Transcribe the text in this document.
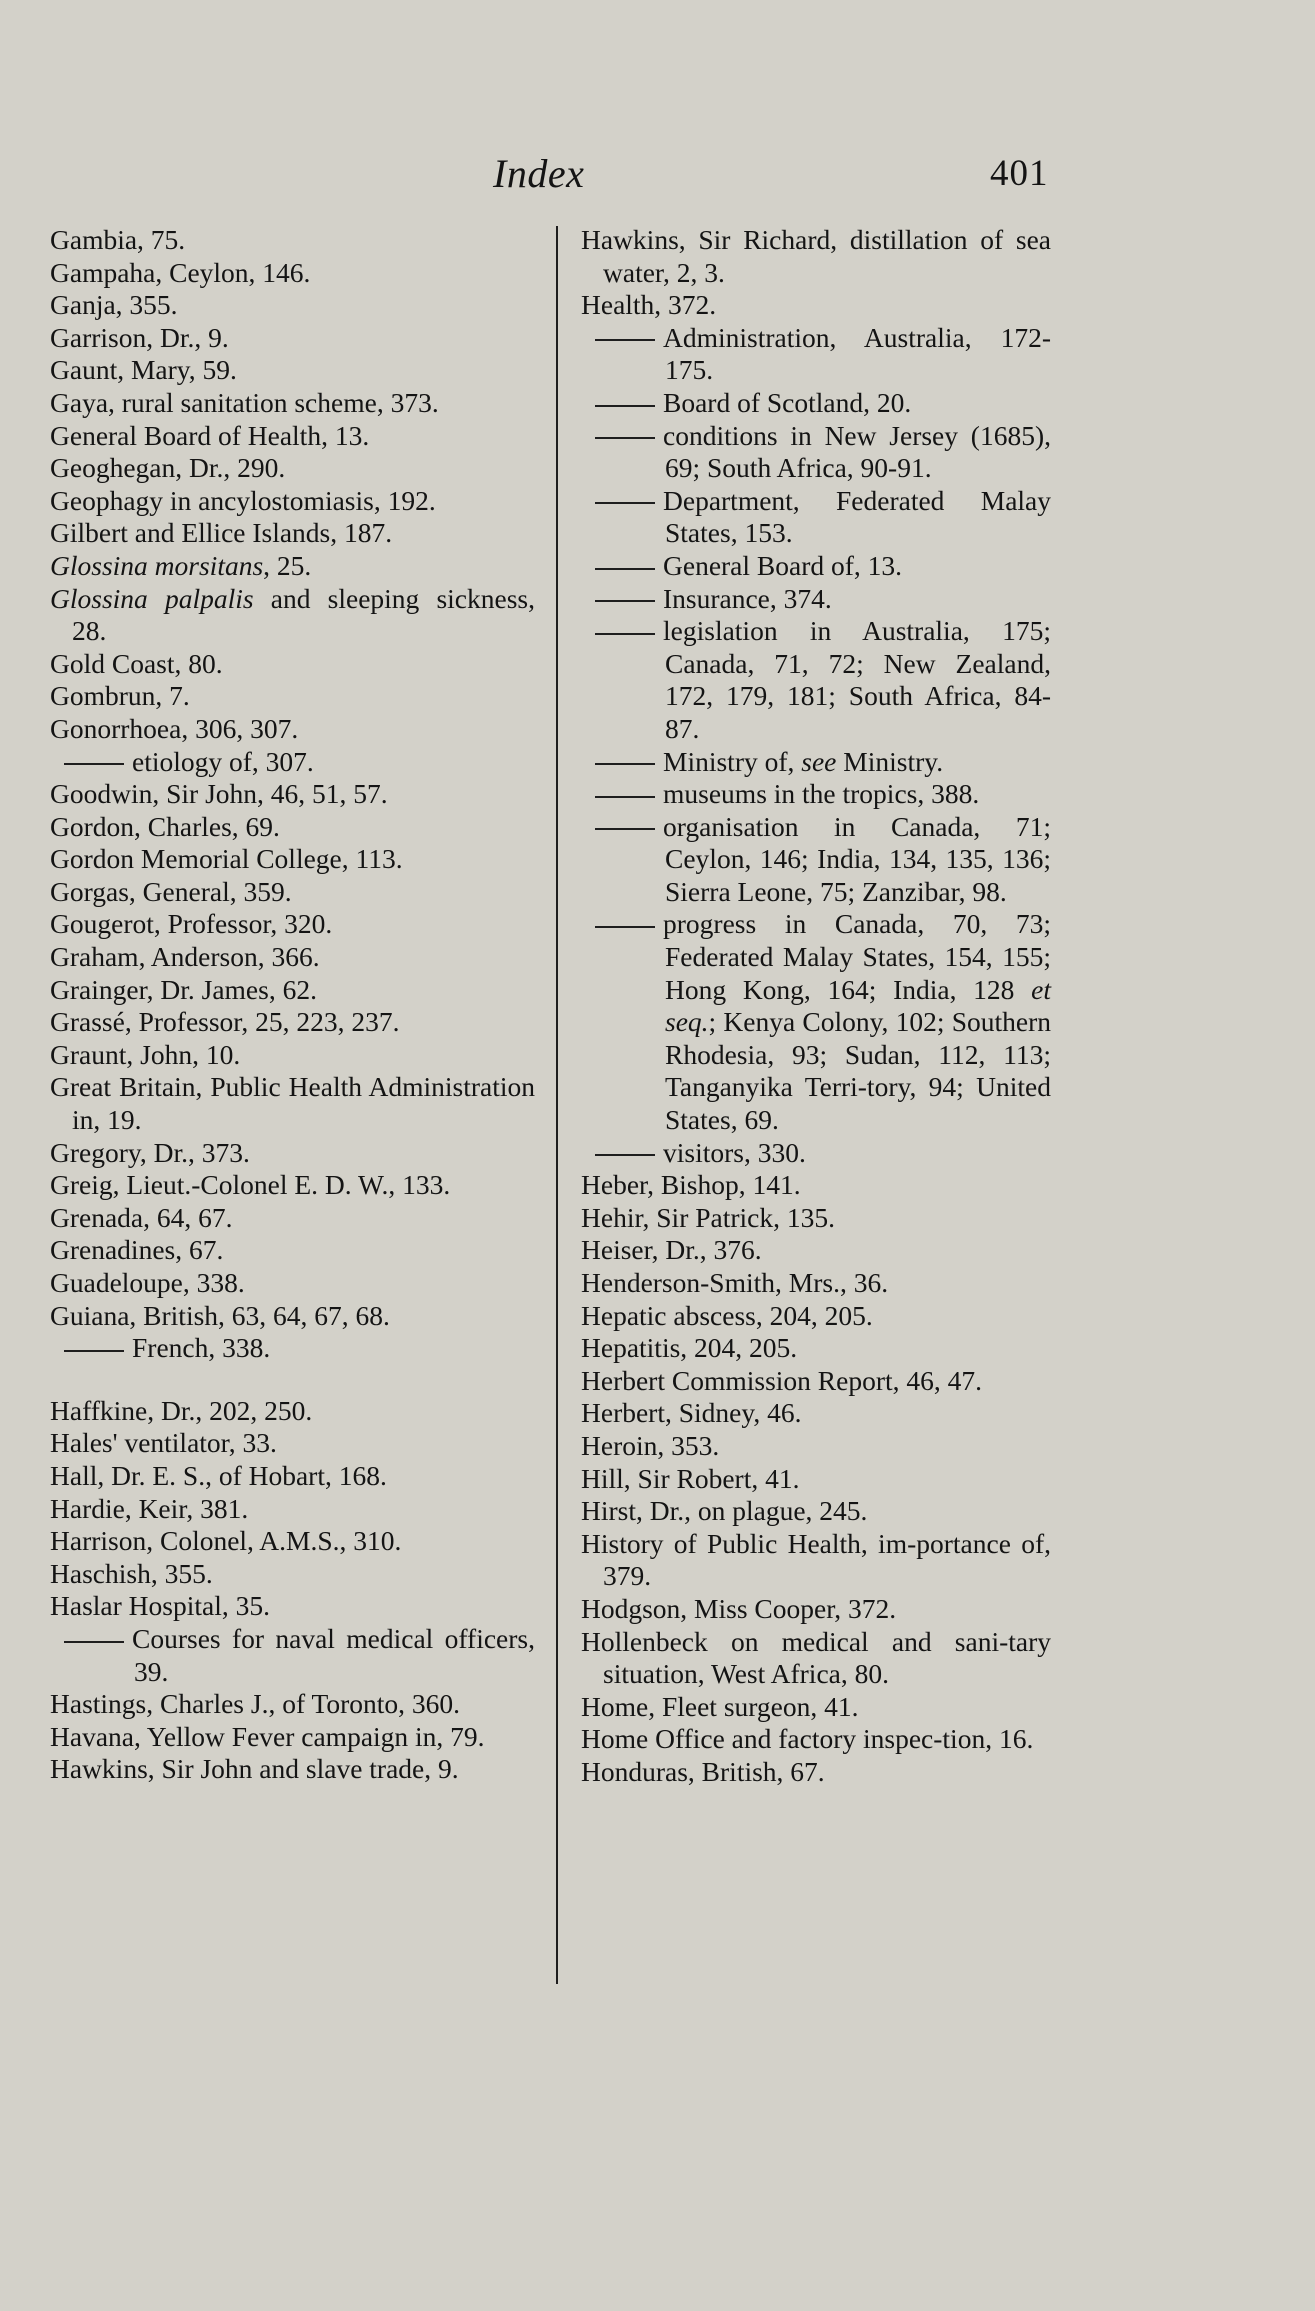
Index	401
Gambia, 75.
Gampaha, Ceylon, 146.
Ganja, 355.
Garrison, Dr., 9.
Gaunt, Mary, 59.
Gaya, rural sanitation scheme, 373.
General Board of Health, 13.
Geoghegan, Dr., 290.
Geophagy in ancylostomiasis, 192.
Gilbert and Ellice Islands, 187.
Glossina morsitans, 25.
Glossina palpalis and sleeping sickness, 28.
Gold Coast, 80.
Gombrun, 7.
Gonorrhoea, 306, 307.
etiology of, 307.
Goodwin, Sir John, 46, 51, 57.
Gordon, Charles, 69.
Gordon Memorial College, 113.
Gorgas, General, 359.
Gougerot, Professor, 320.
Graham, Anderson, 366.
Grainger, Dr. James, 62.
Grassé, Professor, 25, 223, 237.
Graunt, John, 10.
Great Britain, Public Health Administration in, 19.
Gregory, Dr., 373.
Greig, Lieut.-Colonel E. D. W., 133.
Grenada, 64, 67.
Grenadines, 67.
Guadeloupe, 338.
Guiana, British, 63, 64, 67, 68.
French, 338.
Haffkine, Dr., 202, 250.
Hales' ventilator, 33.
Hall, Dr. E. S., of Hobart, 168.
Hardie, Keir, 381.
Harrison, Colonel, A.M.S., 310.
Haschish, 355.
Haslar Hospital, 35.
Courses for naval medical officers, 39.
Hastings, Charles J., of Toronto, 360.
Havana, Yellow Fever campaign in, 79.
Hawkins, Sir John and slave trade, 9.
Hawkins, Sir Richard, distillation of sea water, 2, 3.
Health, 372.
Administration, Australia, 172-175.
Board of Scotland, 20.
conditions in New Jersey (1685), 69; South Africa, 90-91.
Department, Federated Malay States, 153.
General Board of, 13.
Insurance, 374.
legislation in Australia, 175; Canada, 71, 72; New Zealand, 172, 179, 181; South Africa, 84-87.
Ministry of, see Ministry.
museums in the tropics, 388.
organisation in Canada, 71; Ceylon, 146; India, 134, 135, 136; Sierra Leone, 75; Zanzibar, 98.
progress in Canada, 70, 73; Federated Malay States, 154, 155; Hong Kong, 164; India, 128 et seq.; Kenya Colony, 102; Southern Rhodesia, 93; Sudan, 112, 113; Tanganyika Terri-tory, 94; United States, 69.
visitors, 330.
Heber, Bishop, 141.
Hehir, Sir Patrick, 135.
Heiser, Dr., 376.
Henderson-Smith, Mrs., 36.
Hepatic abscess, 204, 205.
Hepatitis, 204, 205.
Herbert Commission Report, 46, 47.
Herbert, Sidney, 46.
Heroin, 353.
Hill, Sir Robert, 41.
Hirst, Dr., on plague, 245.
History of Public Health, im-portance of, 379.
Hodgson, Miss Cooper, 372.
Hollenbeck on medical and sani-tary situation, West Africa, 80.
Home, Fleet surgeon, 41.
Home Office and factory inspec-tion, 16.
Honduras, British, 67.
